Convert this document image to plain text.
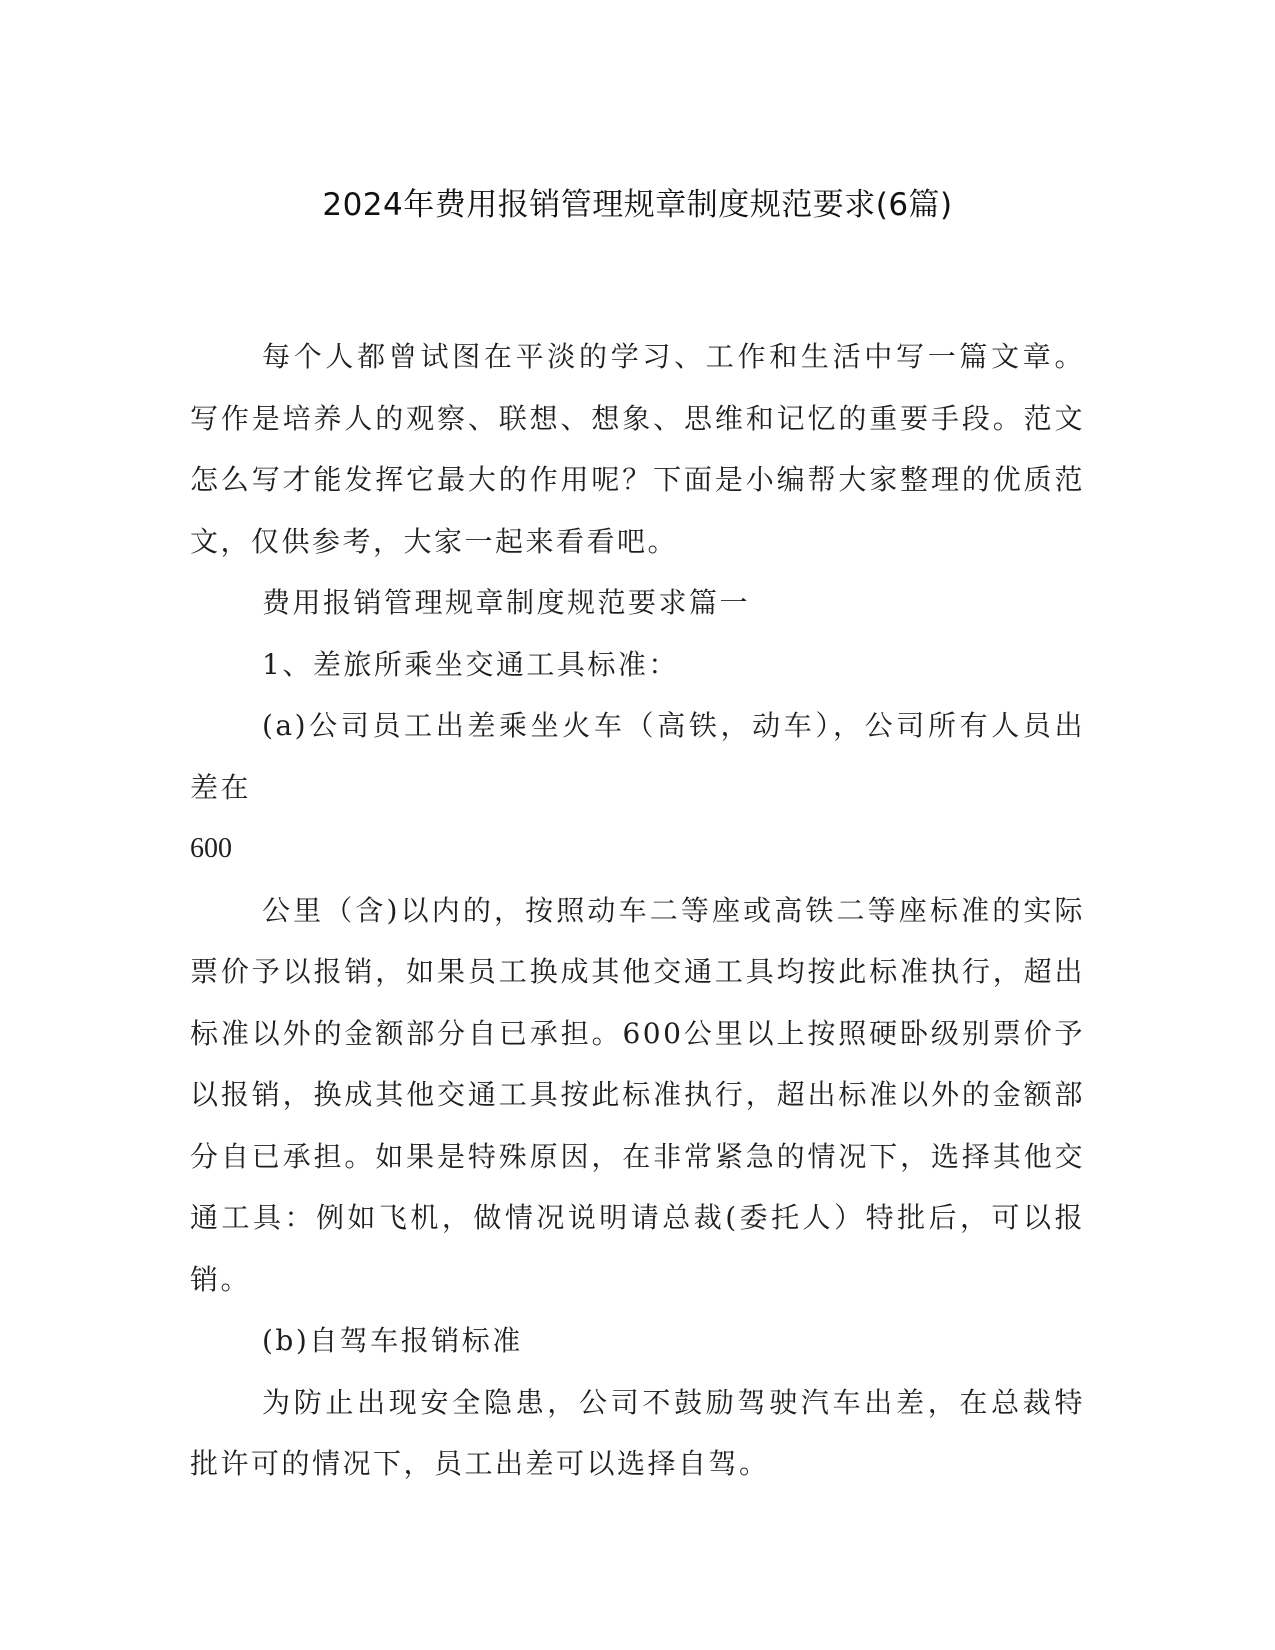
2024年费用报销管理规章制度规范要求(6篇)

每个人都曾试图在平淡的学习、工作和生活中写一篇文章。写作是培养人的观察、联想、想象、思维和记忆的重要手段。范文怎么写才能发挥它最大的作用呢？下面是小编帮大家整理的优质范文，仅供参考，大家一起来看看吧。

费用报销管理规章制度规范要求篇一

1、差旅所乘坐交通工具标准：

(a)公司员工出差乘坐火车（高铁，动车），公司所有人员出差在

600

公里（含)以内的，按照动车二等座或高铁二等座标准的实际票价予以报销，如果员工换成其他交通工具均按此标准执行，超出标准以外的金额部分自已承担。600公里以上按照硬卧级别票价予以报销，换成其他交通工具按此标准执行，超出标准以外的金额部分自已承担。如果是特殊原因，在非常紧急的情况下，选择其他交通工具：例如飞机，做情况说明请总裁(委托人）特批后，可以报销。

(b)自驾车报销标准

为防止出现安全隐患，公司不鼓励驾驶汽车出差，在总裁特批许可的情况下，员工出差可以选择自驾。
